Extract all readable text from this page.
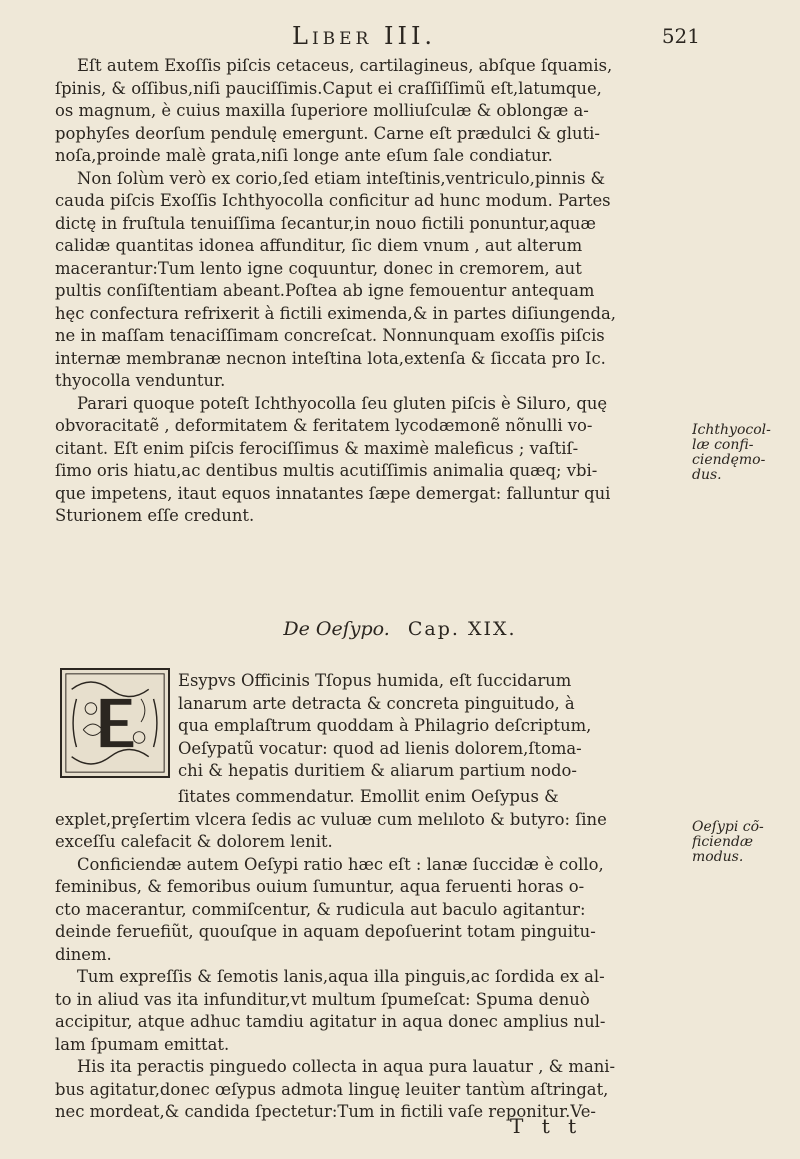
Liber III.	521
Eſt autem Exoſſis piſcis cetaceus, cartilagineus, abſque ſquamis,
ſpinis, & oſſibus,niſi pauciſſimis.Caput ei craſſiſſimũ eſt,latumque,
os magnum, è cuius maxilla ſuperiore molliuſculæ & oblongæ a-
pophyſes deorſum pendulę emergunt. Carne eſt prædulci & gluti-
noſa,proinde malè grata,niſi longe ante eſum ſale condiatur.
Non ſolùm verò ex corio,ſed etiam inteſtinis,ventriculo,pinnis &
cauda piſcis Exoſſis Ichthyocolla conficitur ad hunc modum. Partes
dictę in fruſtula tenuiſſima ſecantur,in nouo fictili ponuntur,aquæ
calidæ quantitas idonea affunditur, ſic diem vnum , aut alterum
macerantur:Tum lento igne coquuntur, donec in cremorem, aut
pultis conſiſtentiam abeant.Poſtea ab igne femouentur antequam
hęc confectura refrixerit à fictili eximenda,& in partes diſiungenda,
ne in maſſam tenaciſſimam concreſcat. Nonnunquam exoſſis piſcis
internæ membranæ necnon inteſtina lota,extenſa & ſiccata pro Ic.
thyocolla venduntur.
Parari quoque poteſt Ichthyocolla ſeu gluten piſcis è Siluro, quę
obvoracitatẽ , deformitatem & feritatem lycodæmonẽ nõnulli vo-
citant. Eſt enim piſcis ferociſſimus & maximè maleficus ; vaſtiſ-
ſimo oris hiatu,ac dentibus multis acutiſſimis animalia quæq; vbi-
que impetens, itaut equos innatantes ſæpe demergat: falluntur qui
Sturionem eſſe credunt.
Ichthyocol-
læ confi-
ciendęmo-
dus.
De Oeſypo. Cap. XIX.
Esypvs Officinis Tſopus humida, eſt ſuccidarum
lanarum arte detracta & concreta pinguitudo, à
qua emplaſtrum quoddam à Philagrio deſcriptum,
Oeſypatũ vocatur: quod ad lienis dolorem,ſtoma-
chi & hepatis duritiem & aliarum partium nodo-
ſitates commendatur. Emollit enim Oeſypus &
explet,prȩſertim vlcera ſedis ac vuluæ cum melıloto & butyro: ſine
exceſſu calefacit & dolorem lenit.
Conficiendæ autem Oeſypi ratio hæc eſt : lanæ ſuccidæ è collo,
feminibus, & femoribus ouium ſumuntur, aqua feruenti horas o-
cto macerantur, commiſcentur, & rudicula aut baculo agitantur:
deinde feruefiũt, quouſque in aquam depoſuerint totam pinguitu-
dinem.
Tum expreſſis & ſemotis lanis,aqua illa pinguis,ac ſordida ex al-
to in aliud vas ita infunditur,vt multum ſpumeſcat: Spuma denuò
accipitur, atque adhuc tamdiu agitatur in aqua donec amplius nul-
lam ſpumam emittat.
His ita peractis pinguedo collecta in aqua pura lauatur , & mani-
bus agitatur,donec œſypus admota linguę leuiter tantùm aſtringat,
nec mordeat,& candida ſpectetur:Tum in fictili vaſe reponitur.Ve-
Oeſypi cõ-
ficiendæ
modus.
T t t
